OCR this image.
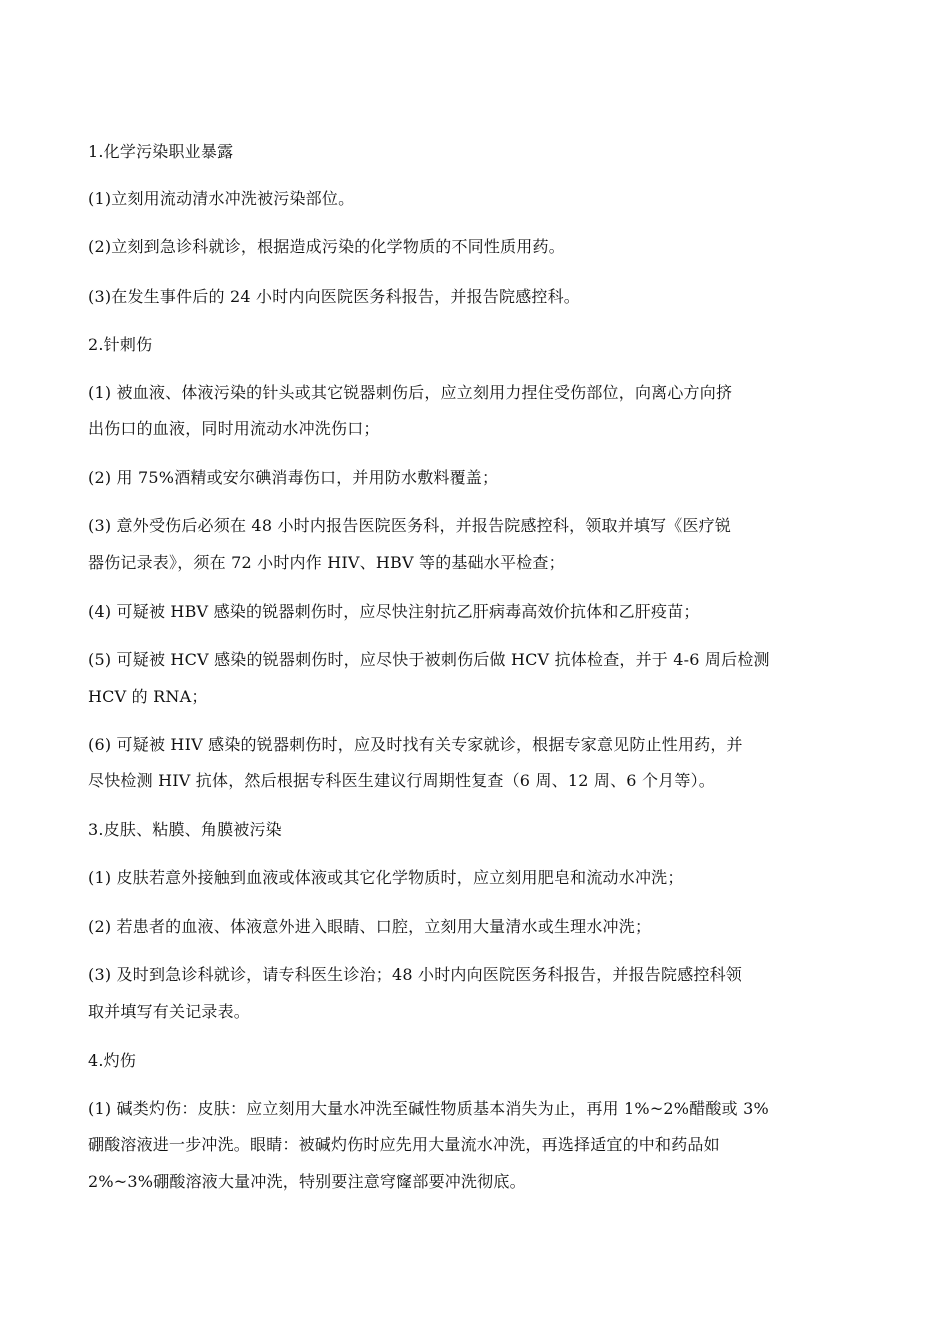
1.化学污染职业暴露
(1)立刻用流动清水冲洗被污染部位。
(2)立刻到急诊科就诊，根据造成污染的化学物质的不同性质用药。
(3)在发生事件后的 24 小时内向医院医务科报告，并报告院感控科。
2.针刺伤
(1) 被血液、体液污染的针头或其它锐器刺伤后，应立刻用力捏住受伤部位，向离心方向挤
出伤口的血液，同时用流动水冲洗伤口；
(2) 用 75%酒精或安尔碘消毒伤口，并用防水敷料覆盖；
(3) 意外受伤后必须在 48 小时内报告医院医务科，并报告院感控科，领取并填写《医疗锐
器伤记录表》，须在 72 小时内作 HIV、HBV 等的基础水平检查；
(4) 可疑被 HBV 感染的锐器刺伤时，应尽快注射抗乙肝病毒高效价抗体和乙肝疫苗；
(5) 可疑被 HCV 感染的锐器刺伤时，应尽快于被刺伤后做 HCV 抗体检查，并于 4-6 周后检测
HCV 的 RNA；
(6) 可疑被 HIV 感染的锐器刺伤时，应及时找有关专家就诊，根据专家意见防止性用药，并
尽快检测 HIV 抗体，然后根据专科医生建议行周期性复查（6 周、12 周、6 个月等）。
3.皮肤、粘膜、角膜被污染
(1) 皮肤若意外接触到血液或体液或其它化学物质时，应立刻用肥皂和流动水冲洗；
(2) 若患者的血液、体液意外进入眼睛、口腔，立刻用大量清水或生理水冲洗；
(3) 及时到急诊科就诊，请专科医生诊治；48 小时内向医院医务科报告，并报告院感控科领
取并填写有关记录表。
4.灼伤
(1) 碱类灼伤：皮肤：应立刻用大量水冲洗至碱性物质基本消失为止，再用 1%~2%醋酸或 3%
硼酸溶液进一步冲洗。眼睛：被碱灼伤时应先用大量流水冲洗，再选择适宜的中和药品如
2%~3%硼酸溶液大量冲洗，特别要注意穹窿部要冲洗彻底。
